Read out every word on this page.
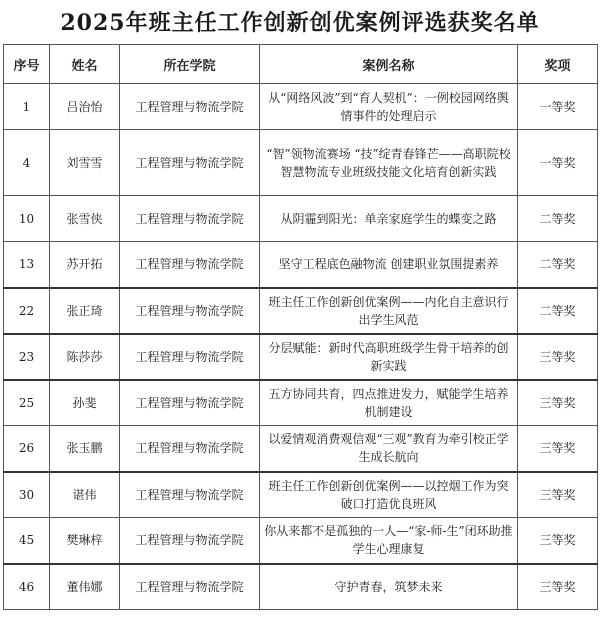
2025年班主任工作创新创优案例评选获奖名单
序号	姓名	所在学院	案例名称	奖项
1	吕治怡	工程管理与物流学院	从“网络风波”到“育人契机”：一例校园网络舆情事件的处理启示	一等奖
4	刘雪雪	工程管理与物流学院	“智”领物流赛场 “技”绽青春锋芒——高职院校智慧物流专业班级技能文化培育创新实践	一等奖
10	张雪侠	工程管理与物流学院	从阴霾到阳光：单亲家庭学生的蝶变之路	二等奖
13	苏开拓	工程管理与物流学院	坚守工程底色融物流 创建职业氛围提素养	二等奖
22	张正琦	工程管理与物流学院	班主任工作创新创优案例——内化自主意识行出学生风范	二等奖
23	陈莎莎	工程管理与物流学院	分层赋能：新时代高职班级学生骨干培养的创新实践	三等奖
25	孙斐	工程管理与物流学院	五方协同共育，四点推进发力，赋能学生培养机制建设	三等奖
26	张玉鹏	工程管理与物流学院	以爱情观消费观信观“三观”教育为牵引校正学生成长航向	三等奖
30	谌伟	工程管理与物流学院	班主任工作创新创优案例——以控烟工作为突破口打造优良班风	三等奖
45	樊琳梓	工程管理与物流学院	你从来都不是孤独的一人—“家-师-生”闭环助推学生心理康复	三等奖
46	董伟娜	工程管理与物流学院	守护青春，筑梦未来	三等奖
